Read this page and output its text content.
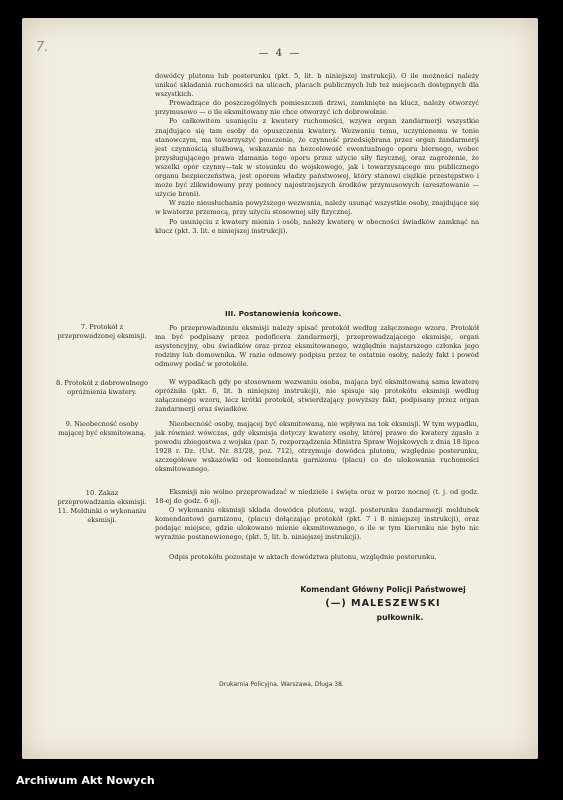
7.	— 4 —

dowódcy plutonu lub posterunku (pkt. 5, lit. b niniejszej instrukcji). O ile możności należy unikać składania ruchomości na ulicach, placach publicznych lub też miejscach dostępnych dla wszystkich.

Prowadzące do poszczególnych pomieszczeń drzwi, zamknięte na klucz, należy otworzyć przymusowo — o ile eksmitowany nie chce otworzyć ich dobrowolnie.

Po całkowitem usunięciu z kwatery ruchomości, wzywa organ żandarmerji wszystkie znajdujące się tam osoby do opuszczenia kwatery. Wezwaniu temu, uczynionemu w tonie stanowczym, ma towarzyszyć pouczenie, że czynność przedsiębrana przez organ żandarmerji jest czynnością służbową, wskazanie na bezcelowość ewentualnego oporu biernego, wobec przysługującego prawa złamania tego oporu przez użycie siły fizycznej, oraz zagrożenie, że wszelki opór czynny—tak w stosunku do wojskowego, jak i towarzyszącego mu publicznego organu bezpieczeństwa, jest oporem władzy państwowej, który stanowi ciężkie przestępstwo i może być zlikwidowany przy pomocy najostrzejszych środków przymusowych (aresztowanie — użycie broni).

W razie nieusłuchania powyższego wezwania, należy usunąć wszystkie osoby, znajdujące się w kwaterze przemocą, przy użyciu stosownej siły fizycznej.

Po usunięciu z kwatery mienia i osób, należy kwaterę w obecności świadków zamknąć na klucz (pkt. 3. lit. e niniejszej instrukcji).

III. Postanowienia końcowe.
7. Protokół z przeprowadzonej eksmisji.
8. Protokół z dobrowolnego opróżnienia kwatery.
9. Nieobecność osoby mającej być eksmitowaną.
10. Zakaz przeprowadzania eksmisji.
11. Meldunki o wykonaniu eksmisji.
Po przeprowadzeniu eksmisji należy spisać protokół według załączonego wzoru. Protokół ma być podpisany przez podoficera żandarmerji, przeprowadzającego eksmisje, organ asystencyjny, obu świadków oraz przez eksmitowanego, względnie najstarszego członka jego rodziny lub domownika. W razie odmowy podpisu przez te ostatnie osoby, należy fakt i powód odmowy podać w protokóle.
W wypadkach gdy po stosownem wezwaniu osoba, mająca być eksmitowaną sama kwaterę opróżniła (pkt. 6, lit. b niniejszej instrukcji), nie spisuje się protokółu eksmisji według załączonego wzoru, lecz krótki protokół, stwierdzający powyższy fakt, podpisany przez organ żandarmerji oraz świadków.
Nieobecność osoby, mającej być eksmitowaną, nie wpływa na tok eksmisji. W tym wypadku, jak również wówczas, gdy eksmisja dotyczy kwatery osoby, której prawo do kwatery zgasło z powodu zbiegostwa z wojska (par. 5, rozporządzenia Ministra Spraw Wojskowych z dnia 18 lipca 1928 r. Dz. (Ust. Nr. 81/28, poz. 712), otrzymuje dowódca plutonu, względnie posterunku, szczegółowe wskazówki od komendanta garnizonu (placu) co do ulokowania ruchomości eksmitowanego.
Eksmisji nie wolno przeprowadzać w niedziele i święta oraz w porze nocnej (t. j. od godz. 18-ej do godz. 6 ej).
O wykonaniu eksmisji składa dowódca plutonu, wzgl. posterunku żandarmerji meldunek komendantowi garnizonu, (placu) dołączając protokół (pkt. 7 i 8 niniejszej instrukcji), oraz podając miejsce, gdzie ulokowano mienie eksmitowanego, o ile w tym kierunku nie było nic wyraźnie postanowionego, (pkt. 5, lit. b. niniejszej instrukcji).
Odpis protokółu pozostaje w aktach dowództwa plutonu, względnie posterunku.
Komendant Główny Policji Państwowej
(—) MALESZEWSKI
pułkownik.
Drukarnia Policyjna. Warszawa, Długa 38.
Archiwum Akt Nowych
